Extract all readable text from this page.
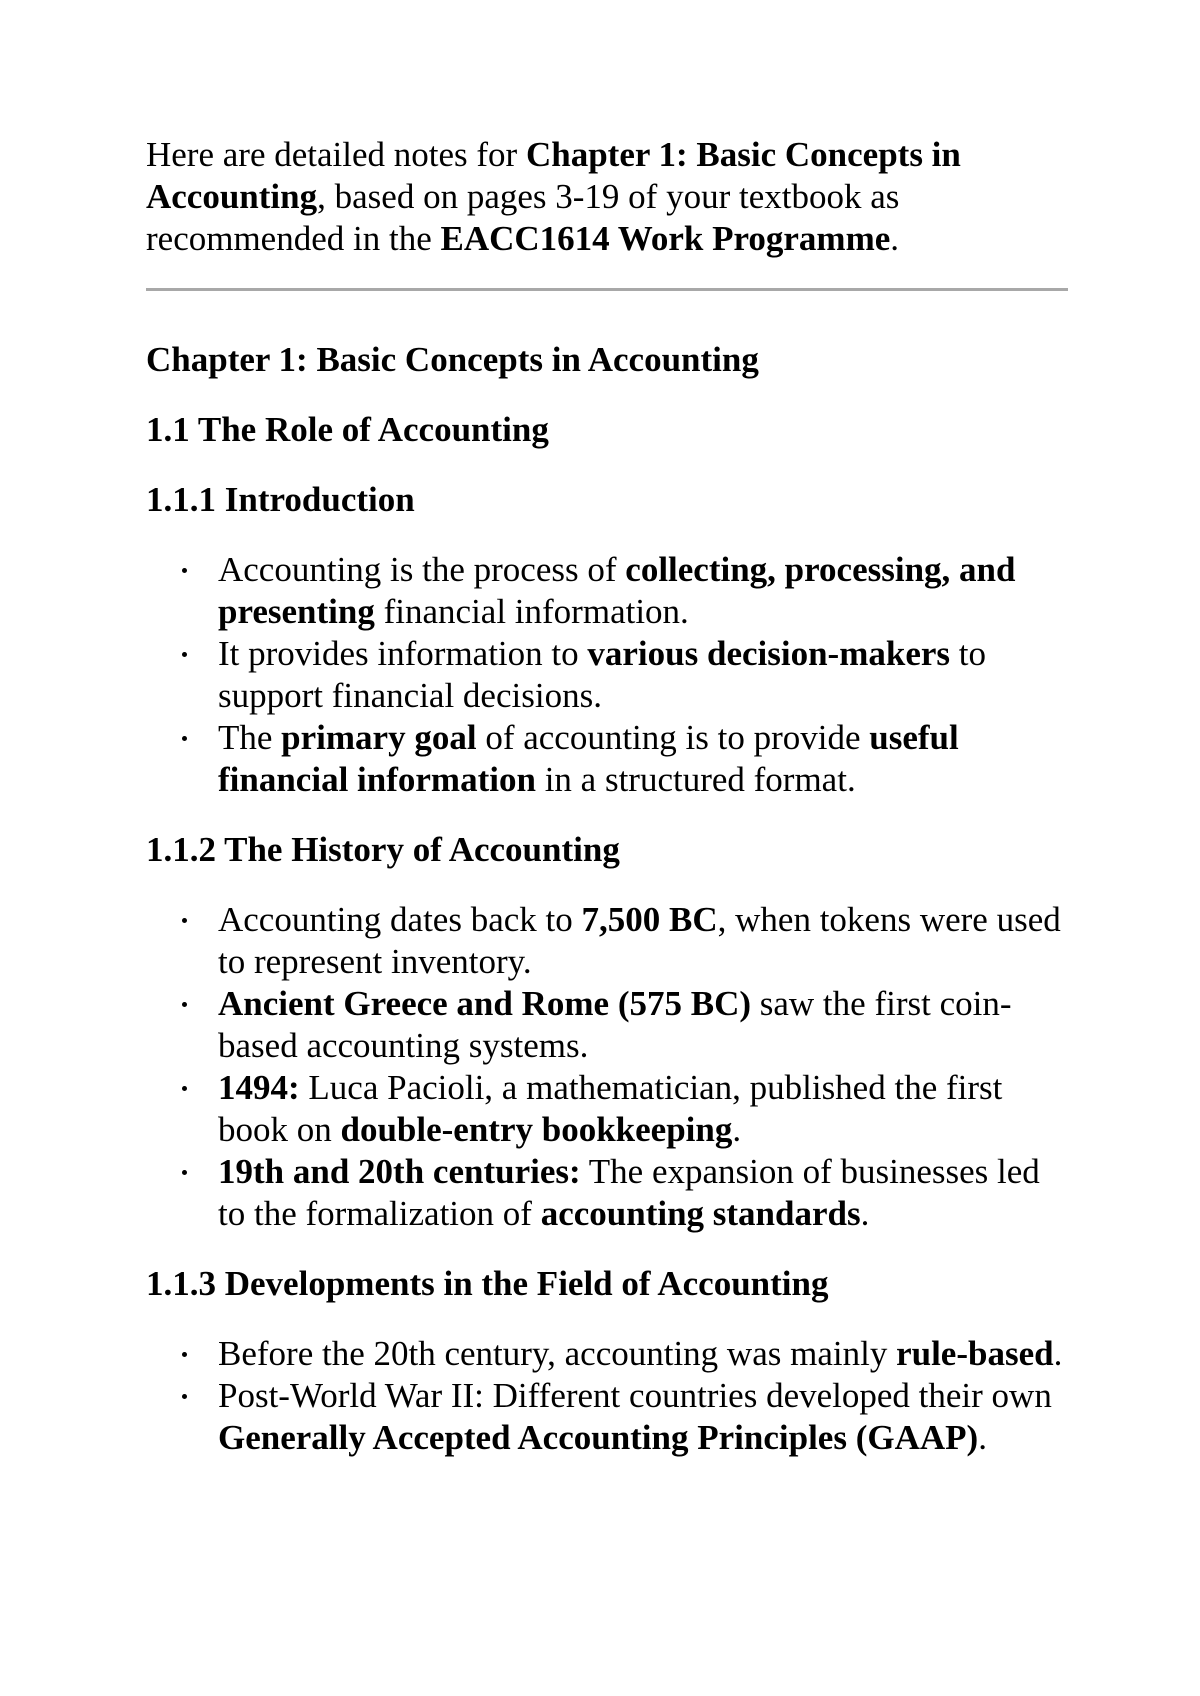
Here are detailed notes for Chapter 1: Basic Concepts in Accounting, based on pages 3-19 of your textbook as recommended in the EACC1614 Work Programme.

Chapter 1: Basic Concepts in Accounting

1.1 The Role of Accounting

1.1.1 Introduction

Accounting is the process of collecting, processing, and presenting financial information.
It provides information to various decision-makers to support financial decisions.
The primary goal of accounting is to provide useful financial information in a structured format.

1.1.2 The History of Accounting

Accounting dates back to 7,500 BC, when tokens were used to represent inventory.
Ancient Greece and Rome (575 BC) saw the first coin-based accounting systems.
1494: Luca Pacioli, a mathematician, published the first book on double-entry bookkeeping.
19th and 20th centuries: The expansion of businesses led to the formalization of accounting standards.

1.1.3 Developments in the Field of Accounting

Before the 20th century, accounting was mainly rule-based.
Post-World War II: Different countries developed their own Generally Accepted Accounting Principles (GAAP).
